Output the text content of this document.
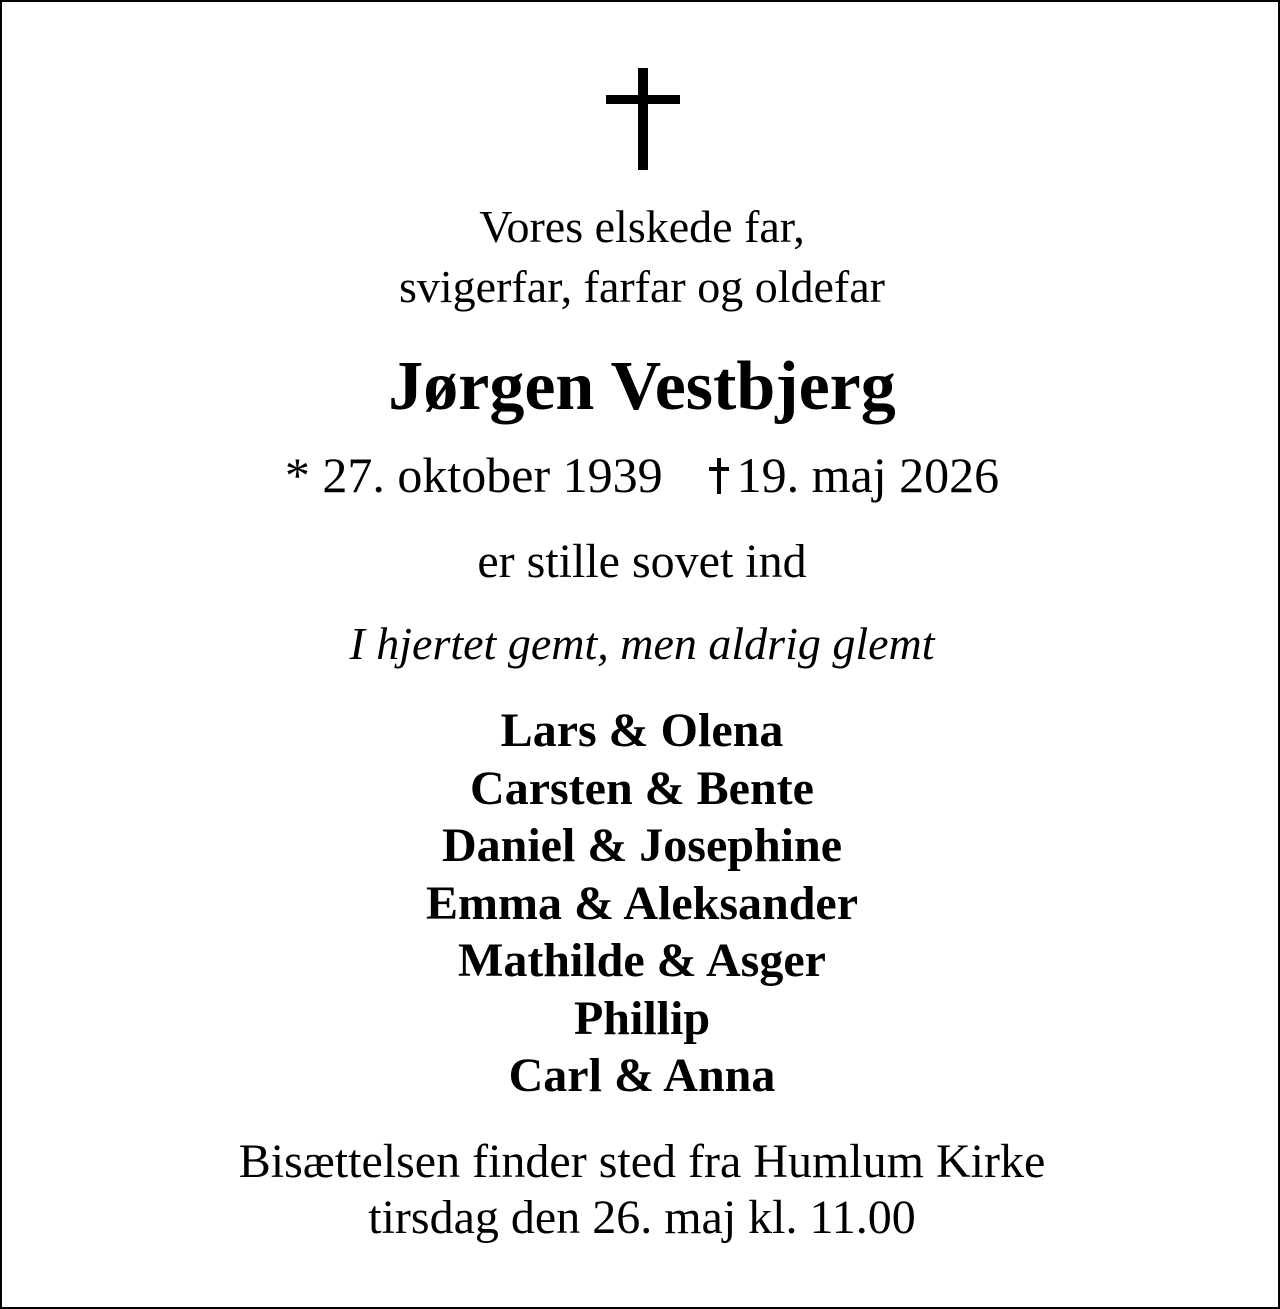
Vores elskede far,
svigerfar, farfar og oldefar
Jørgen Vestbjerg
* 27. oktober 1939 19. maj 2026
er stille sovet ind
I hjertet gemt, men aldrig glemt
Lars & Olena
Carsten & Bente
Daniel & Josephine
Emma & Aleksander
Mathilde & Asger
Phillip
Carl & Anna
Bisættelsen finder sted fra Humlum Kirke
tirsdag den 26. maj kl. 11.00
